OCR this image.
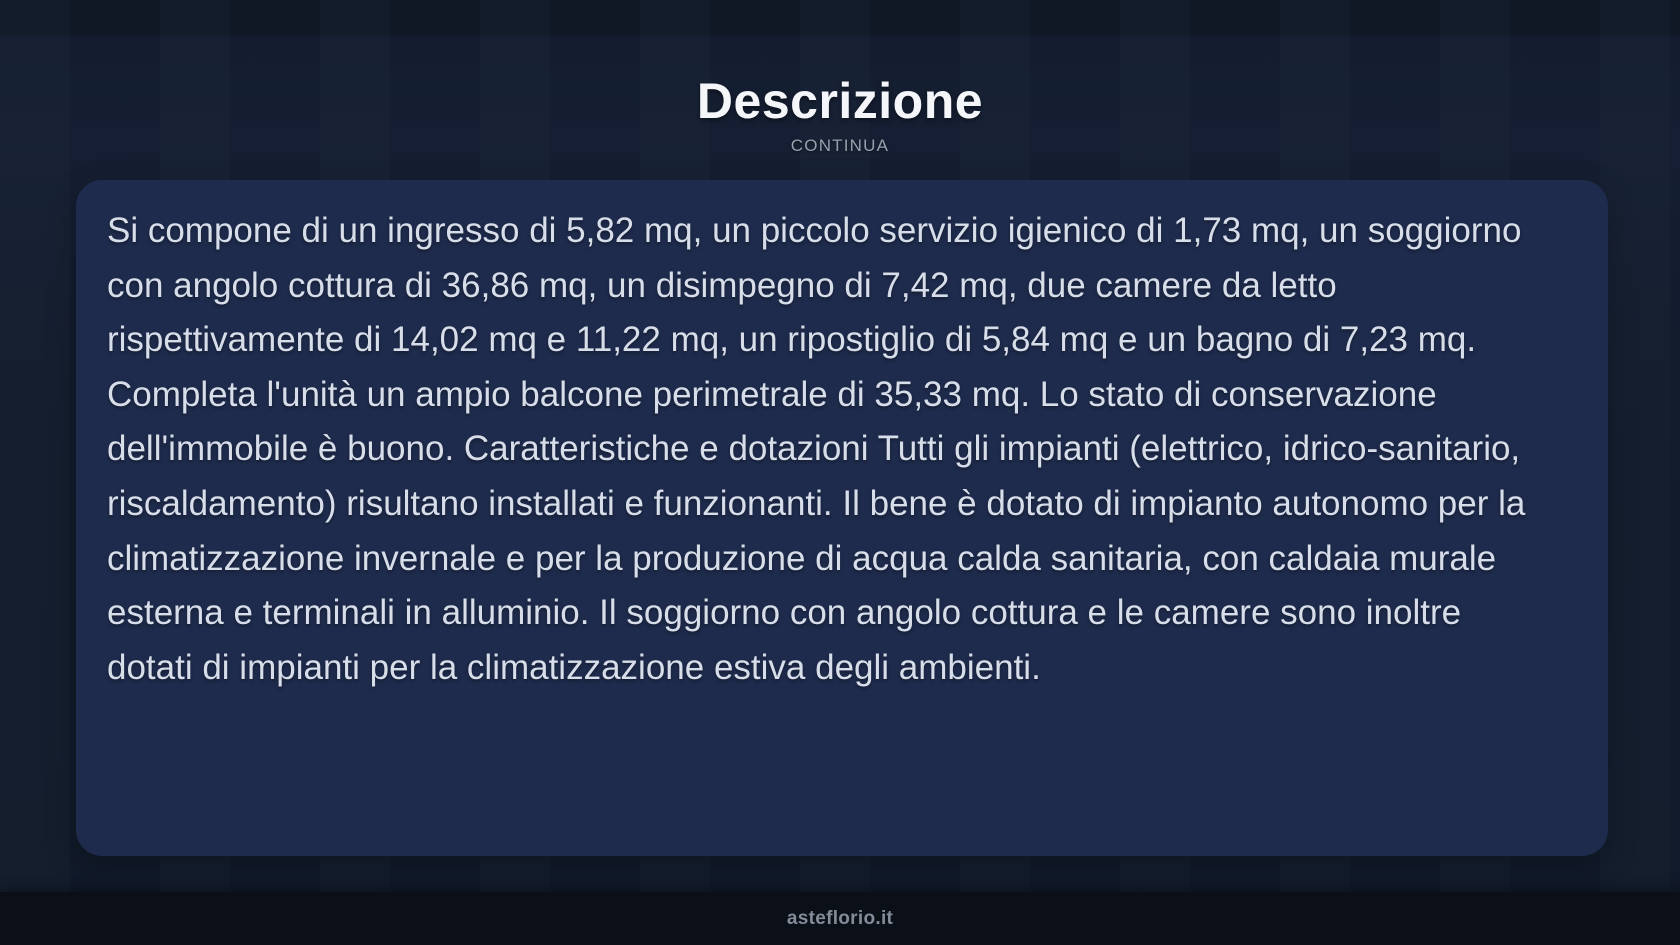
Descrizione
CONTINUA

Si compone di un ingresso di 5,82 mq, un piccolo servizio igienico di 1,73 mq, un soggiorno con angolo cottura di 36,86 mq, un disimpegno di 7,42 mq, due camere da letto rispettivamente di 14,02 mq e 11,22 mq, un ripostiglio di 5,84 mq e un bagno di 7,23 mq. Completa l'unità un ampio balcone perimetrale di 35,33 mq. Lo stato di conservazione dell'immobile è buono. Caratteristiche e dotazioni Tutti gli impianti (elettrico, idrico-sanitario, riscaldamento) risultano installati e funzionanti. Il bene è dotato di impianto autonomo per la climatizzazione invernale e per la produzione di acqua calda sanitaria, con caldaia murale esterna e terminali in alluminio. Il soggiorno con angolo cottura e le camere sono inoltre dotati di impianti per la climatizzazione estiva degli ambienti.

asteflorio.it
